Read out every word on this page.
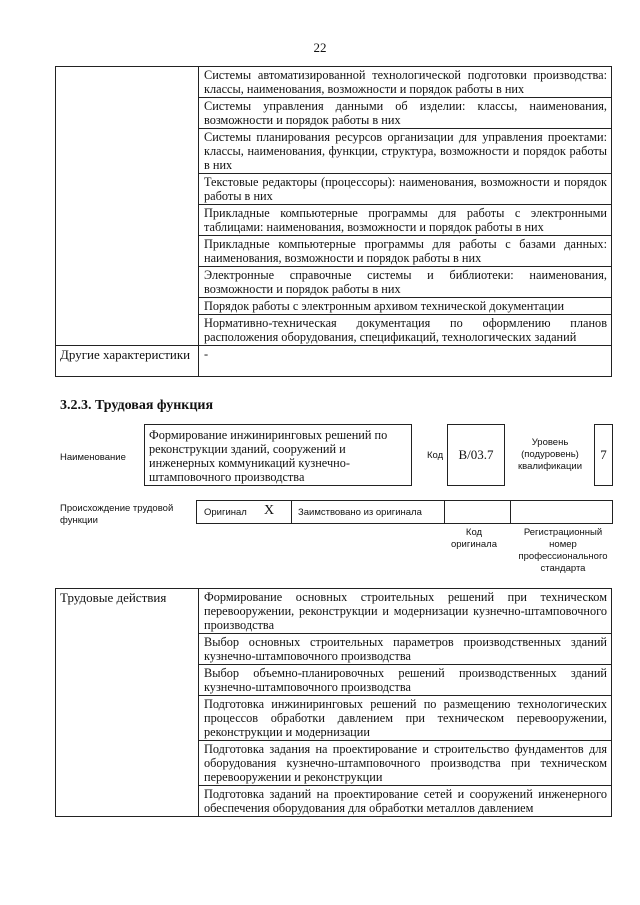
22
	Системы автоматизированной технологической подготовки производства: классы, наименования, возможности и порядок работы в них
	Системы управления данными об изделии: классы, наименования, возможности и порядок работы в них
	Системы планирования ресурсов организации для управления проектами: классы, наименования, функции, структура, возможности и порядок работы в них
	Текстовые редакторы (процессоры): наименования, возможности и порядок работы в них
	Прикладные компьютерные программы для работы с электронными таблицами: наименования, возможности и порядок работы в них
	Прикладные компьютерные программы для работы с базами данных: наименования, возможности и порядок работы в них
	Электронные справочные системы и библиотеки: наименования, возможности и порядок работы в них
	Порядок работы с электронным архивом технической документации
	Нормативно-техническая документация по оформлению планов расположения оборудования, спецификаций, технологических заданий
Другие характеристики	-
3.2.3. Трудовая функция
Наименование
Формирование инжиниринговых решений по реконструкции зданий, сооружений и инженерных коммуникаций кузнечно-штамповочного производства
Код	В/03.7
Уровень (подуровень) квалификации
7
Происхождение трудовой функции
Оригинал X	Заимствовано из оригинала
Код оригинала
Регистрационный номер профессионального стандарта
Трудовые действия	Формирование основных строительных решений при техническом перевооружении, реконструкции и модернизации кузнечно-штамповочного производства
Выбор основных строительных параметров производственных зданий кузнечно-штамповочного производства
Выбор объемно-планировочных решений производственных зданий кузнечно-штамповочного производства
Подготовка инжиниринговых решений по размещению технологических процессов обработки давлением при техническом перевооружении, реконструкции и модернизации
Подготовка задания на проектирование и строительство фундаментов для оборудования кузнечно-штамповочного производства при техническом перевооружении и реконструкции
Подготовка заданий на проектирование сетей и сооружений инженерного обеспечения оборудования для обработки металлов давлением
